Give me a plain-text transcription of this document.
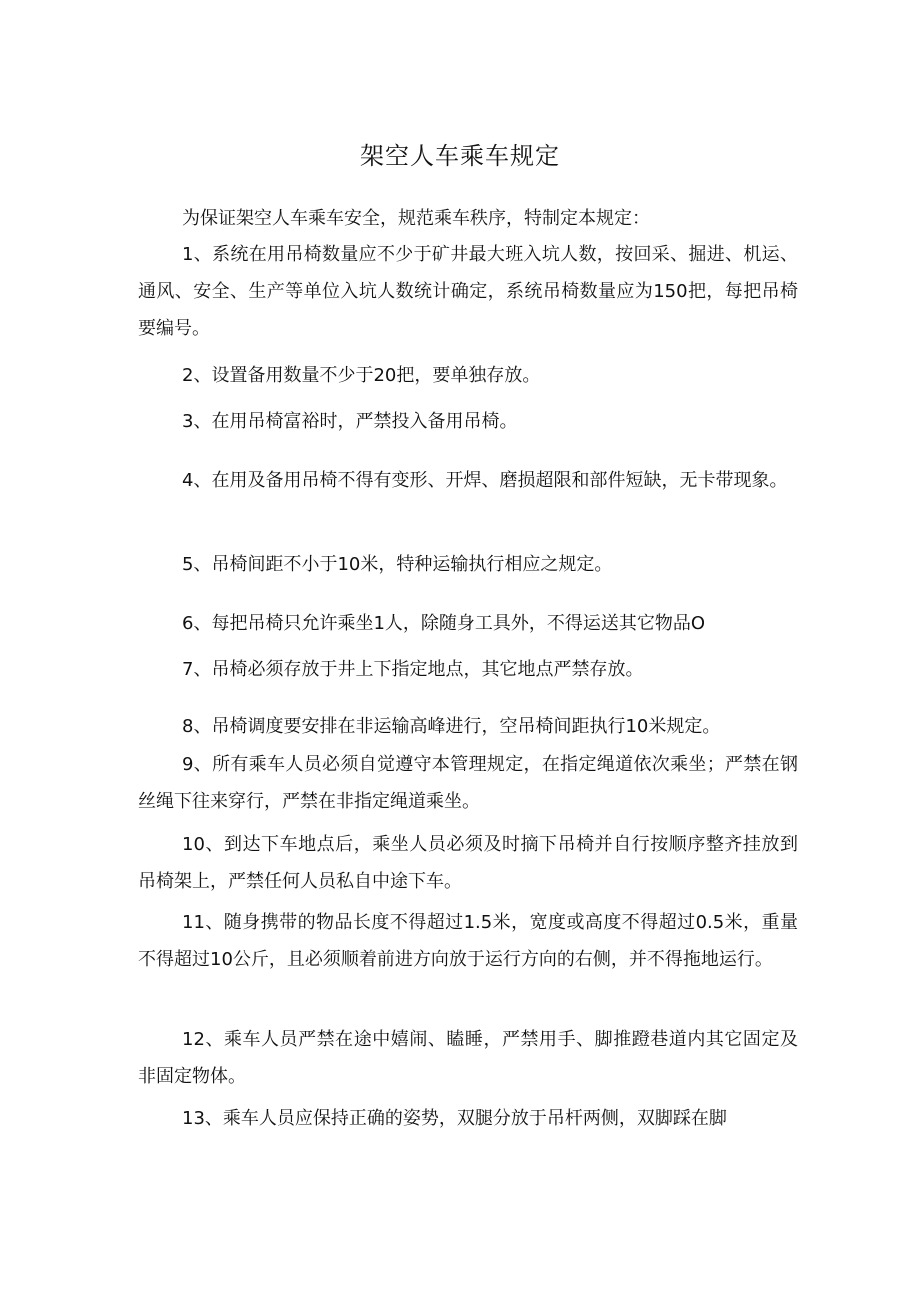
架空人车乘车规定
为保证架空人车乘车安全，规范乘车秩序，特制定本规定：
1、系统在用吊椅数量应不少于矿井最大班入坑人数，按回采、掘进、机运、通风、安全、生产等单位入坑人数统计确定，系统吊椅数量应为150把，每把吊椅要编号。
2、设置备用数量不少于20把，要单独存放。
3、在用吊椅富裕时，严禁投入备用吊椅。
4、在用及备用吊椅不得有变形、开焊、磨损超限和部件短缺，无卡带现象。
5、吊椅间距不小于10米，特种运输执行相应之规定。
6、每把吊椅只允许乘坐1人，除随身工具外，不得运送其它物品O
7、吊椅必须存放于井上下指定地点，其它地点严禁存放。
8、吊椅调度要安排在非运输高峰进行，空吊椅间距执行10米规定。
9、所有乘车人员必须自觉遵守本管理规定，在指定绳道依次乘坐；严禁在钢丝绳下往来穿行，严禁在非指定绳道乘坐。
10、到达下车地点后，乘坐人员必须及时摘下吊椅并自行按顺序整齐挂放到吊椅架上，严禁任何人员私自中途下车。
11、随身携带的物品长度不得超过1.5米，宽度或高度不得超过0.5米，重量不得超过10公斤，且必须顺着前进方向放于运行方向的右侧，并不得拖地运行。
12、乘车人员严禁在途中嬉闹、瞌睡，严禁用手、脚推蹬巷道内其它固定及非固定物体。
13、乘车人员应保持正确的姿势，双腿分放于吊杆两侧，双脚踩在脚
